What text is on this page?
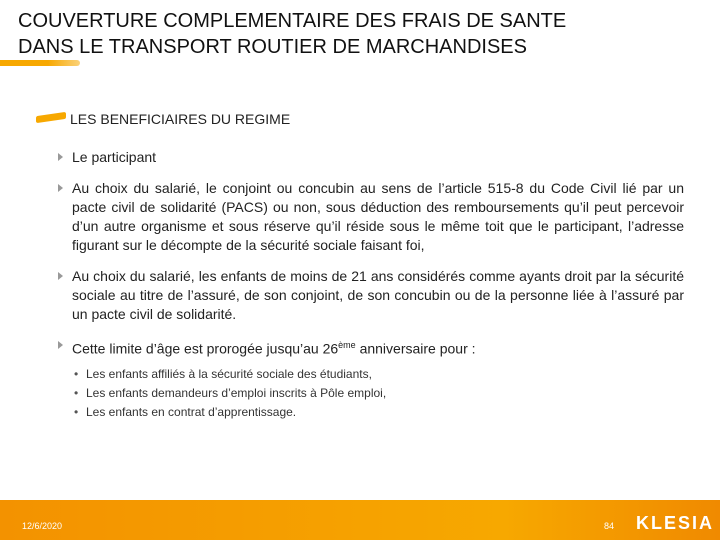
COUVERTURE COMPLEMENTAIRE DES FRAIS DE SANTE
DANS LE TRANSPORT ROUTIER DE MARCHANDISES
LES BENEFICIAIRES DU REGIME
Le participant
Au choix du salarié, le conjoint ou concubin au sens de l’article 515-8 du Code Civil lié par un pacte civil de solidarité (PACS) ou non, sous déduction des remboursements qu’il peut percevoir d’un autre organisme et sous réserve qu’il réside sous le même toit que le participant, l’adresse figurant sur le décompte de la sécurité sociale faisant foi,
Au choix du salarié, les enfants de moins de 21 ans considérés comme ayants droit par la sécurité sociale au titre de l’assuré, de son conjoint, de son concubin ou de la personne liée à l’assuré par un pacte civil de solidarité.
Cette limite d’âge est prorogée jusqu’au 26ème anniversaire pour :
• Les enfants affiliés à la sécurité sociale des étudiants,
• Les enfants demandeurs d’emploi inscrits à Pôle emploi,
• Les enfants en contrat d’apprentissage.
12/6/2020	84 KLESIA
